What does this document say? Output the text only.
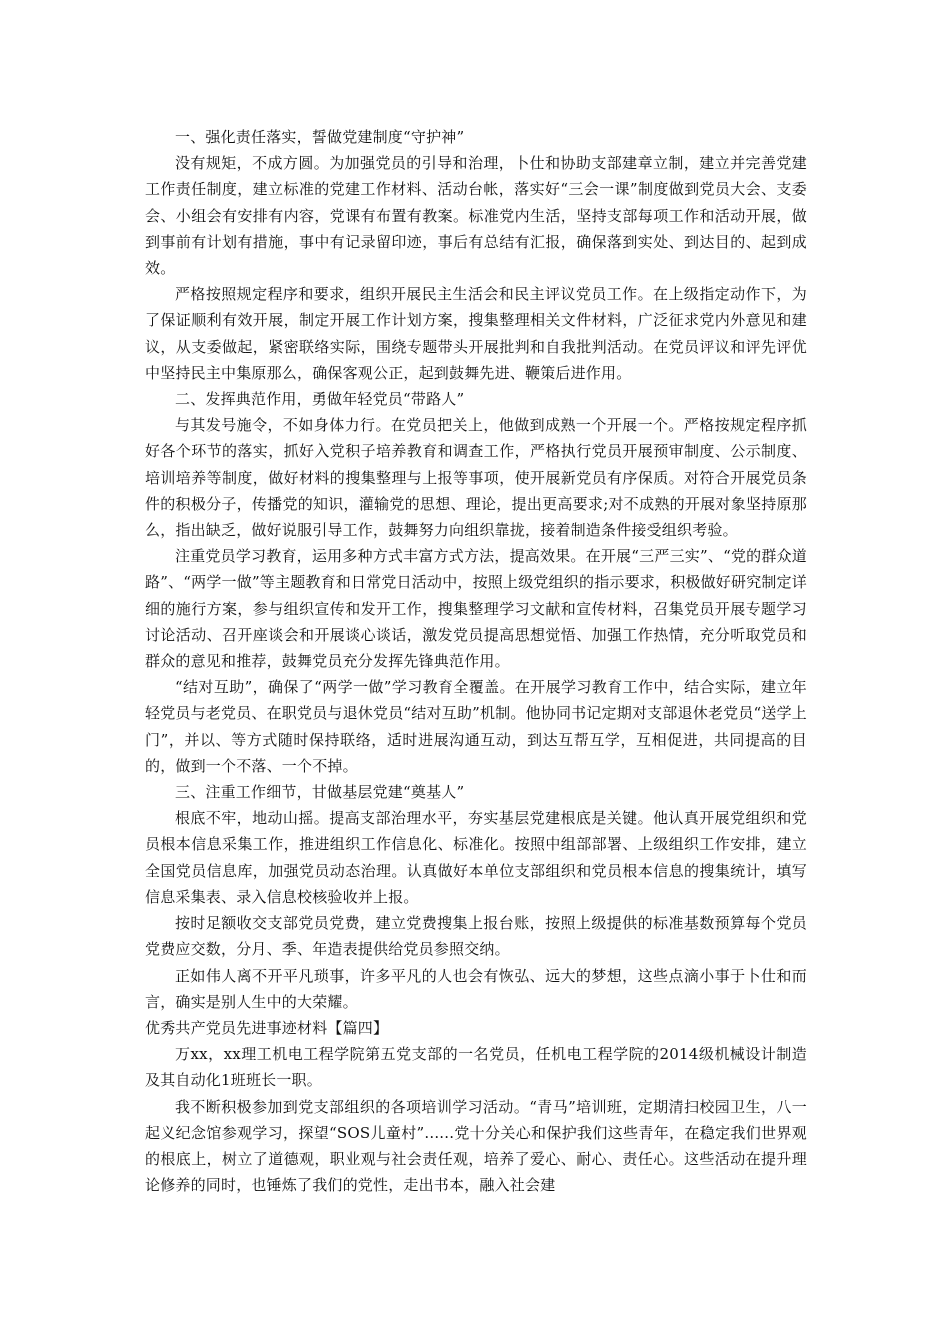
一、强化责任落实，誓做党建制度“守护神”

没有规矩，不成方圆。为加强党员的引导和治理，卜仕和协助支部建章立制，建立并完善党建工作责任制度，建立标准的党建工作材料、活动台帐，落实好“三会一课”制度做到党员大会、支委会、小组会有安排有内容，党课有布置有教案。标准党内生活，坚持支部每项工作和活动开展，做到事前有计划有措施，事中有记录留印迹，事后有总结有汇报，确保落到实处、到达目的、起到成效。

严格按照规定程序和要求，组织开展民主生活会和民主评议党员工作。在上级指定动作下，为了保证顺利有效开展，制定开展工作计划方案，搜集整理相关文件材料，广泛征求党内外意见和建议，从支委做起，紧密联络实际，围绕专题带头开展批判和自我批判活动。在党员评议和评先评优中坚持民主中集原那么，确保客观公正，起到鼓舞先进、鞭策后进作用。

二、发挥典范作用，勇做年轻党员“带路人”

与其发号施令，不如身体力行。在党员把关上，他做到成熟一个开展一个。严格按规定程序抓好各个环节的落实，抓好入党积子培养教育和调查工作，严格执行党员开展预审制度、公示制度、培训培养等制度，做好材料的搜集整理与上报等事项，使开展新党员有序保质。对符合开展党员条件的积极分子，传播党的知识，灌输党的思想、理论，提出更高要求;对不成熟的开展对象坚持原那么，指出缺乏，做好说服引导工作，鼓舞努力向组织靠拢，接着制造条件接受组织考验。

注重党员学习教育，运用多种方式丰富方式方法，提高效果。在开展“三严三实”、“党的群众道路”、“两学一做”等主题教育和日常党日活动中，按照上级党组织的指示要求，积极做好研究制定详细的施行方案，参与组织宣传和发开工作，搜集整理学习文献和宣传材料，召集党员开展专题学习讨论活动、召开座谈会和开展谈心谈话，激发党员提高思想觉悟、加强工作热情，充分听取党员和群众的意见和推荐，鼓舞党员充分发挥先锋典范作用。

“结对互助”，确保了“两学一做”学习教育全覆盖。在开展学习教育工作中，结合实际，建立年轻党员与老党员、在职党员与退休党员“结对互助”机制。他协同书记定期对支部退休老党员“送学上门”，并以、等方式随时保持联络，适时进展沟通互动，到达互帮互学，互相促进，共同提高的目的，做到一个不落、一个不掉。

三、注重工作细节，甘做基层党建“奠基人”

根底不牢，地动山摇。提高支部治理水平，夯实基层党建根底是关键。他认真开展党组织和党员根本信息采集工作，推进组织工作信息化、标准化。按照中组部部署、上级组织工作安排，建立全国党员信息库，加强党员动态治理。认真做好本单位支部组织和党员根本信息的搜集统计，填写信息采集表、录入信息校核验收并上报。

按时足额收交支部党员党费，建立党费搜集上报台账，按照上级提供的标准基数预算每个党员党费应交数，分月、季、年造表提供给党员参照交纳。

正如伟人离不开平凡琐事，许多平凡的人也会有恢弘、远大的梦想，这些点滴小事于卜仕和而言，确实是别人生中的大荣耀。

优秀共产党员先进事迹材料【篇四】

万xx，xx理工机电工程学院第五党支部的一名党员，任机电工程学院的2014级机械设计制造及其自动化1班班长一职。

我不断积极参加到党支部组织的各项培训学习活动。“青马”培训班，定期清扫校园卫生，八一起义纪念馆参观学习，探望“SOS儿童村”......党十分关心和保护我们这些青年，在稳定我们世界观的根底上，树立了道德观，职业观与社会责任观，培养了爱心、耐心、责任心。这些活动在提升理论修养的同时，也锤炼了我们的党性，走出书本，融入社会建
